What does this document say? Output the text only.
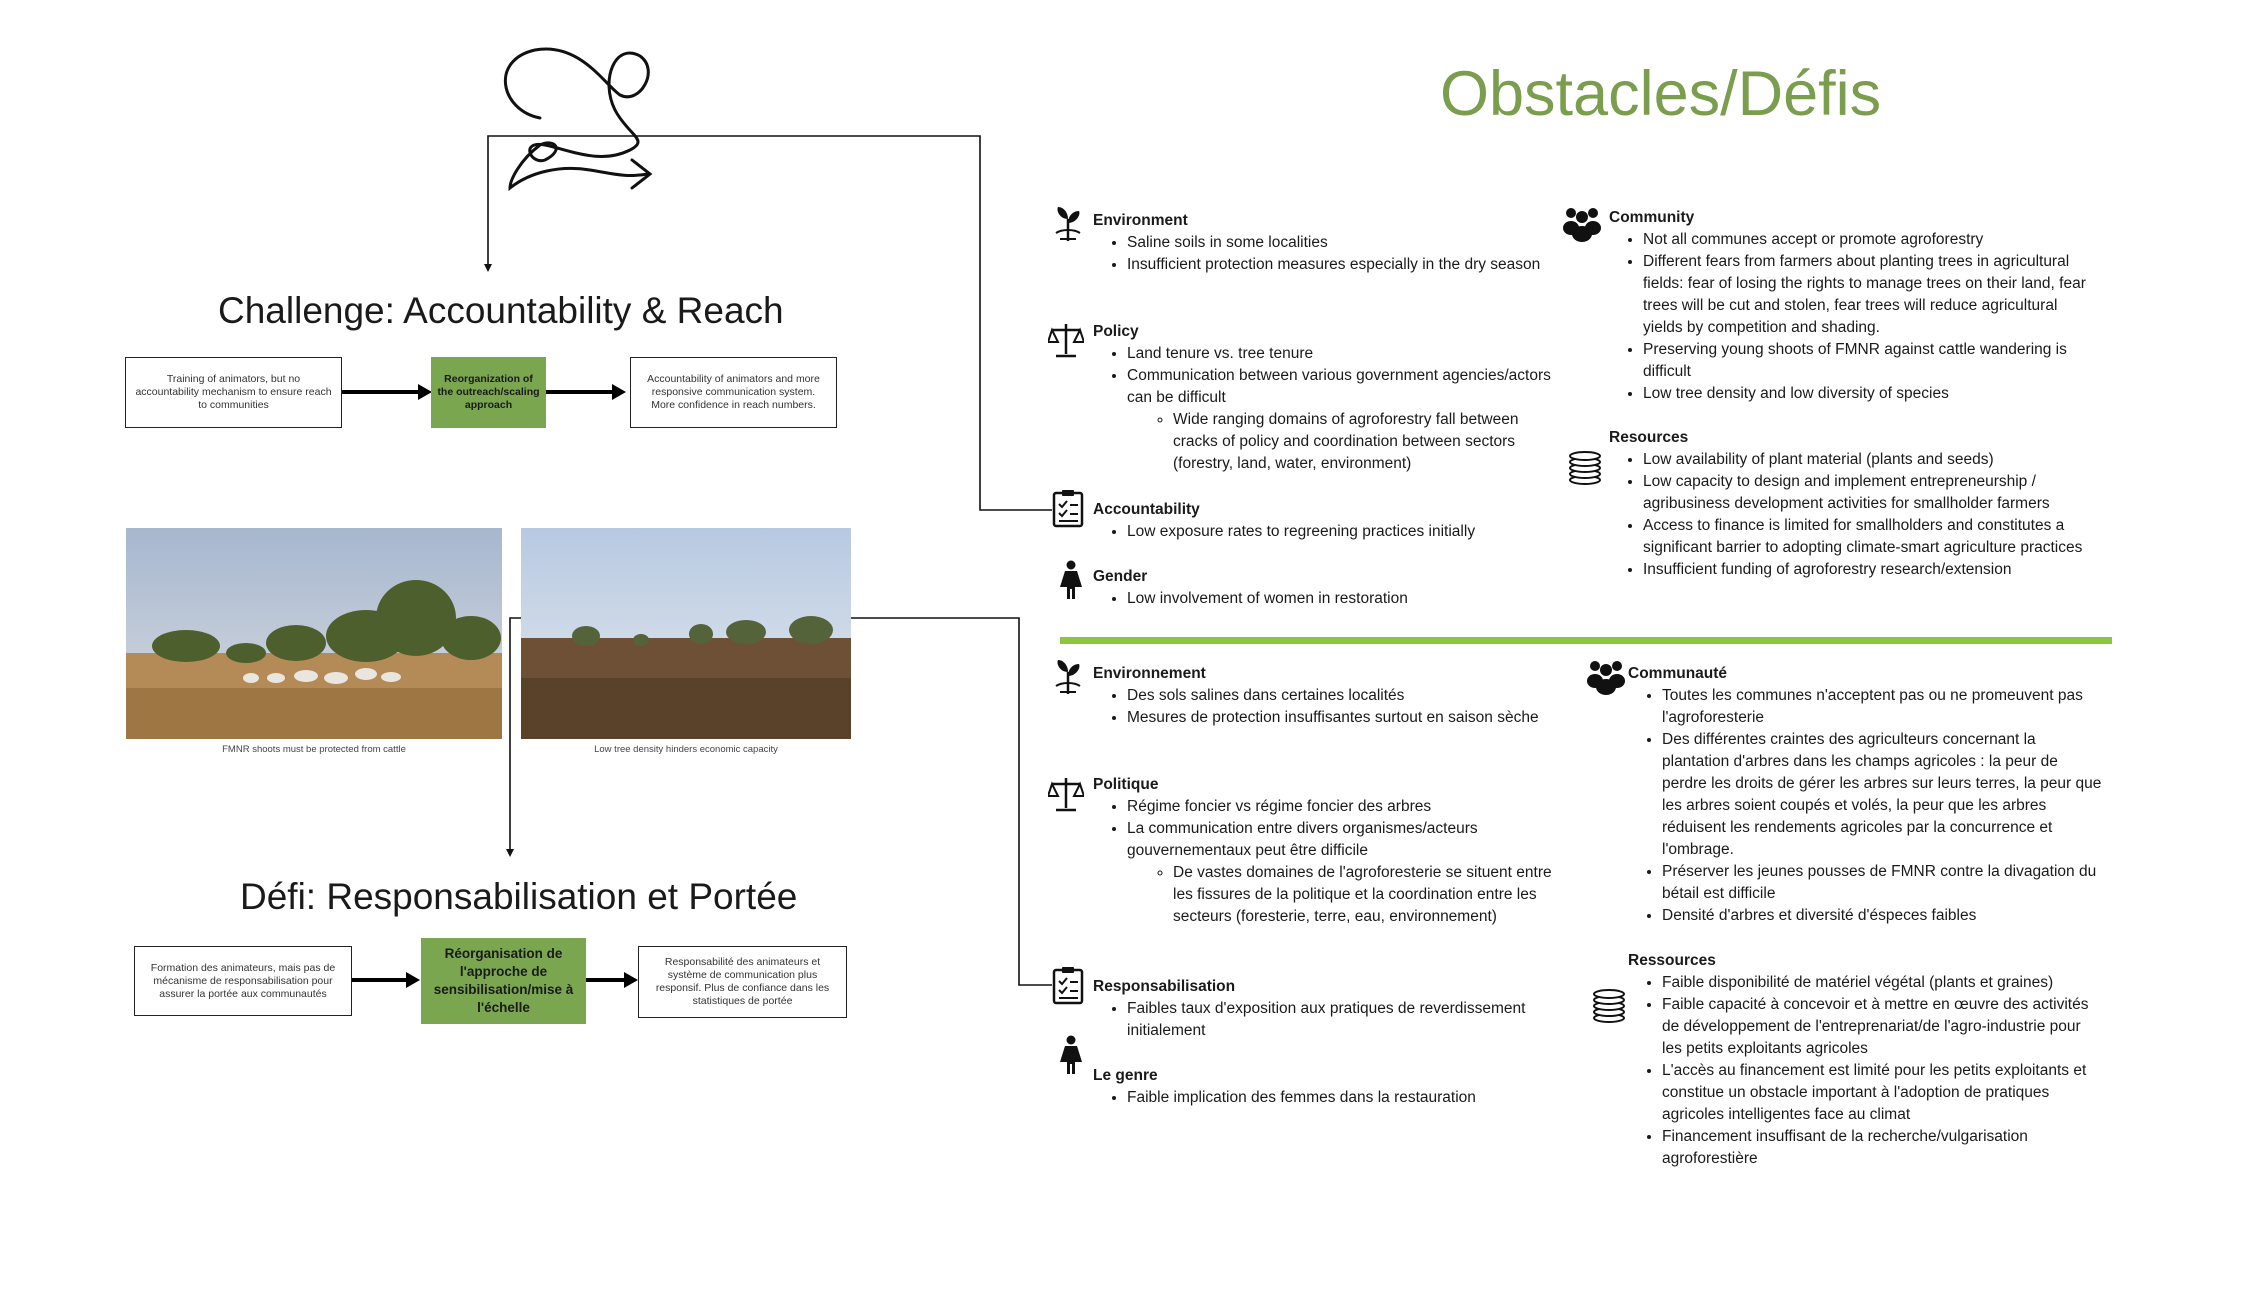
Obstacles/Défis
Challenge: Accountability & Reach
Training of animators, but no accountability mechanism to ensure reach to communities
Reorganization of the outreach/scaling approach
Accountability of animators and more responsive communication system. More confidence in reach numbers.
FMNR shoots must be protected from cattle	Low tree density hinders economic capacity
Défi: Responsabilisation et Portée
Formation des animateurs, mais pas de mécanisme de responsabilisation pour assurer la portée aux communautés
Réorganisation de l'approche de sensibilisation/mise à l'échelle
Responsabilité des animateurs et système de communication plus responsif. Plus de confiance dans les statistiques de portée
Environment
• Saline soils in some localities
• Insufficient protection measures especially in the dry season
Policy
• Land tenure vs. tree tenure
• Communication between various government agencies/actors can be difficult
◦ Wide ranging domains of agroforestry fall between cracks of policy and coordination between sectors (forestry, land, water, environment)
Accountability
• Low exposure rates to regreening practices initially
Gender
• Low involvement of women in restoration
Community
• Not all communes accept or promote agroforestry
• Different fears from farmers about planting trees in agricultural fields: fear of losing the rights to manage trees on their land, fear trees will be cut and stolen, fear trees will reduce agricultural yields by competition and shading.
• Preserving young shoots of FMNR against cattle wandering is difficult
• Low tree density and low diversity of species
Resources
• Low availability of plant material (plants and seeds)
• Low capacity to design and implement entrepreneurship / agribusiness development activities for smallholder farmers
• Access to finance is limited for smallholders and constitutes a significant barrier to adopting climate-smart agriculture practices
• Insufficient funding of agroforestry research/extension
Environnement
• Des sols salines dans certaines localités
• Mesures de protection insuffisantes surtout en saison sèche
Politique
• Régime foncier vs régime foncier des arbres
• La communication entre divers organismes/acteurs gouvernementaux peut être difficile
◦ De vastes domaines de l'agroforesterie se situent entre les fissures de la politique et la coordination entre les secteurs (foresterie, terre, eau, environnement)
Responsabilisation
• Faibles taux d'exposition aux pratiques de reverdissement initialement
Le genre
• Faible implication des femmes dans la restauration
Communauté
• Toutes les communes n'acceptent pas ou ne promeuvent pas l'agroforesterie
• Des différentes craintes des agriculteurs concernant la plantation d'arbres dans les champs agricoles : la peur de perdre les droits de gérer les arbres sur leurs terres, la peur que les arbres soient coupés et volés, la peur que les arbres réduisent les rendements agricoles par la concurrence et l'ombrage.
• Préserver les jeunes pousses de FMNR contre la divagation du bétail est difficile
• Densité d'arbres et diversité d'éspeces faibles
Ressources
• Faible disponibilité de matériel végétal (plants et graines)
• Faible capacité à concevoir et à mettre en œuvre des activités de développement de l'entreprenariat/de l'agro-industrie pour les petits exploitants agricoles
• L'accès au financement est limité pour les petits exploitants et constitue un obstacle important à l'adoption de pratiques agricoles intelligentes face au climat
• Financement insuffisant de la recherche/vulgarisation agroforestière
